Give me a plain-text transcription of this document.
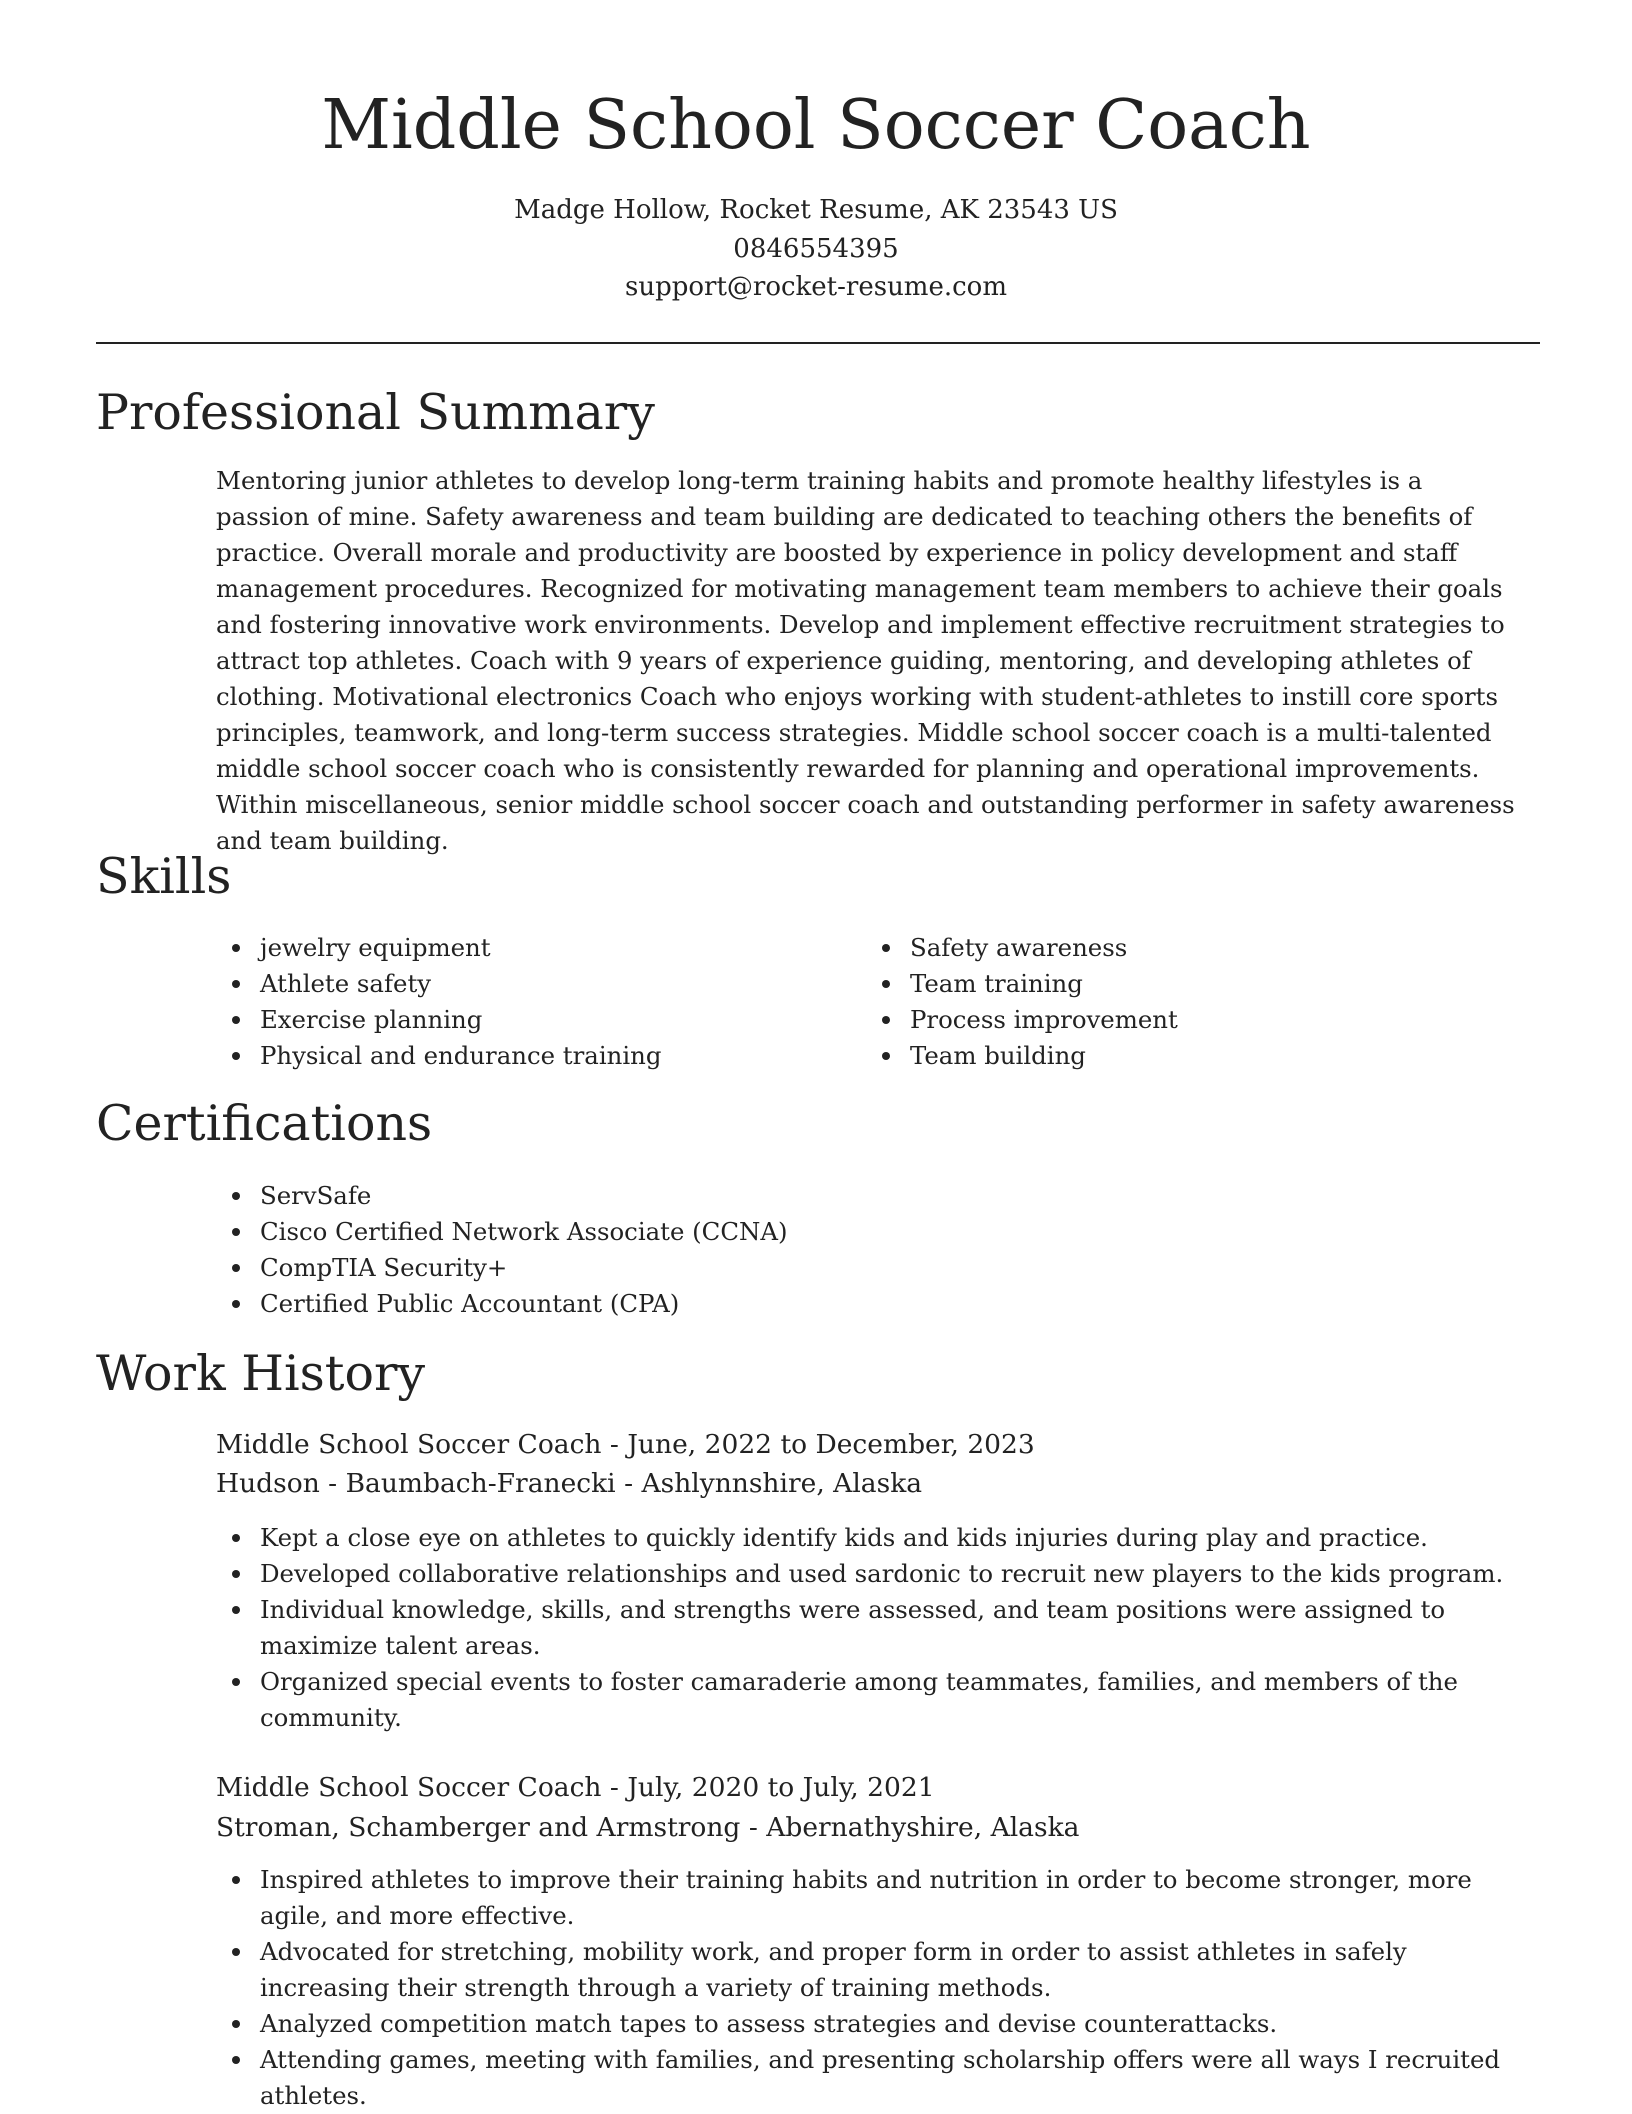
Middle School Soccer Coach
Madge Hollow, Rocket Resume, AK 23543 US
0846554395
support@rocket-resume.com
Professional Summary

Mentoring junior athletes to develop long-term training habits and promote healthy lifestyles is a passion of mine. Safety awareness and team building are dedicated to teaching others the benefits of practice. Overall morale and productivity are boosted by experience in policy development and staff management procedures. Recognized for motivating management team members to achieve their goals and fostering innovative work environments. Develop and implement effective recruitment strategies to attract top athletes. Coach with 9 years of experience guiding, mentoring, and developing athletes of clothing. Motivational electronics Coach who enjoys working with student-athletes to instill core sports principles, teamwork, and long-term success strategies. Middle school soccer coach is a multi-talented middle school soccer coach who is consistently rewarded for planning and operational improvements. Within miscellaneous, senior middle school soccer coach and outstanding performer in safety awareness and team building.

Skills
jewelry equipment
Athlete safety
Exercise planning
Physical and endurance training
Safety awareness
Team training
Process improvement
Team building
Certifications
ServSafe
Cisco Certified Network Associate (CCNA)
CompTIA Security+
Certified Public Accountant (CPA)
Work History
Middle School Soccer Coach - June, 2022 to December, 2023
Hudson - Baumbach-Franecki - Ashlynnshire, Alaska
Kept a close eye on athletes to quickly identify kids and kids injuries during play and practice.
Developed collaborative relationships and used sardonic to recruit new players to the kids program.
Individual knowledge, skills, and strengths were assessed, and team positions were assigned to maximize talent areas.
Organized special events to foster camaraderie among teammates, families, and members of the community.
Middle School Soccer Coach - July, 2020 to July, 2021
Stroman, Schamberger and Armstrong - Abernathyshire, Alaska
Inspired athletes to improve their training habits and nutrition in order to become stronger, more agile, and more effective.
Advocated for stretching, mobility work, and proper form in order to assist athletes in safely increasing their strength through a variety of training methods.
Analyzed competition match tapes to assess strategies and devise counterattacks.
Attending games, meeting with families, and presenting scholarship offers were all ways I recruited athletes.
